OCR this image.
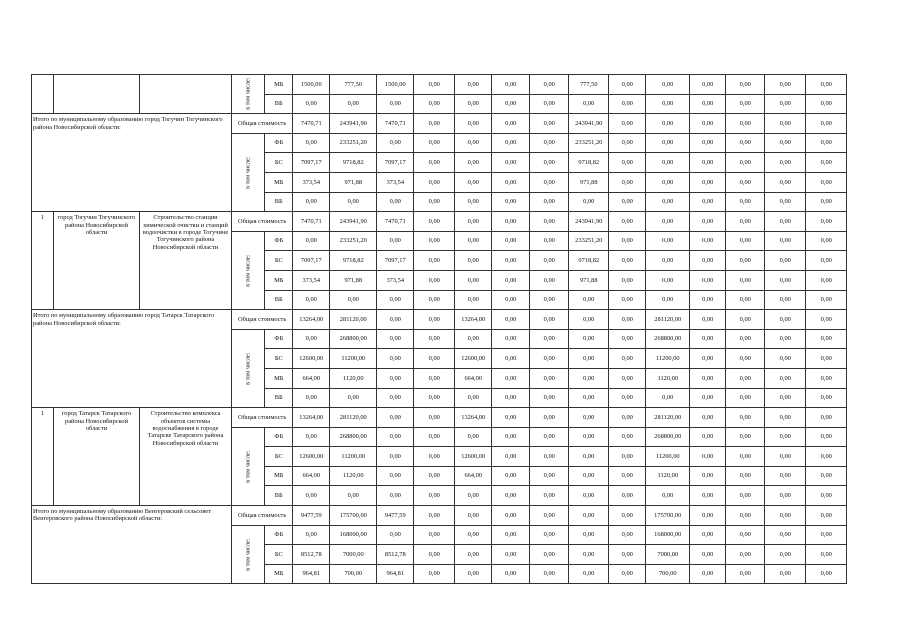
			в том числе:	МБ	1500,00	777,50	1500,00	0,00	0,00	0,00	0,00	777,50	0,00	0,00	0,00	0,00	0,00	0,00
				ВБ	0,00	0,00	0,00	0,00	0,00	0,00	0,00	0,00	0,00	0,00	0,00	0,00	0,00	0,00
Итого по муниципальному образованию город Тогучин Тогучинского района Новосибирской области:			Общая стоимость		7470,71	243941,90	7470,71	0,00	0,00	0,00	0,00	243941,90	0,00	0,00	0,00	0,00	0,00	0,00
			в том числе:	ФБ	0,00	233251,20	0,00	0,00	0,00	0,00	0,00	233251,20	0,00	0,00	0,00	0,00	0,00	0,00
				БС	7097,17	9718,82	7097,17	0,00	0,00	0,00	0,00	9718,82	0,00	0,00	0,00	0,00	0,00	0,00
				МБ	373,54	971,88	373,54	0,00	0,00	0,00	0,00	971,88	0,00	0,00	0,00	0,00	0,00	0,00
				ВБ	0,00	0,00	0,00	0,00	0,00	0,00	0,00	0,00	0,00	0,00	0,00	0,00	0,00	0,00
1	город Тогучин Тогучинского района Новосибирской области	Строительство станции химической очистки и станций водоочистки в городе Тогучине Тогучинского района Новосибирской области	Общая стоимость		7470,71	243941,90	7470,71	0,00	0,00	0,00	0,00	243941,90	0,00	0,00	0,00	0,00	0,00	0,00
			в том числе:	ФБ	0,00	233251,20	0,00	0,00	0,00	0,00	0,00	233251,20	0,00	0,00	0,00	0,00	0,00	0,00
				БС	7097,17	9718,82	7097,17	0,00	0,00	0,00	0,00	9718,82	0,00	0,00	0,00	0,00	0,00	0,00
				МБ	373,54	971,88	373,54	0,00	0,00	0,00	0,00	971,88	0,00	0,00	0,00	0,00	0,00	0,00
				ВБ	0,00	0,00	0,00	0,00	0,00	0,00	0,00	0,00	0,00	0,00	0,00	0,00	0,00	0,00
Итого по муниципальному образованию город Татарск Татарского района Новосибирской области:			Общая стоимость		13264,00	281120,00	0,00	0,00	13264,00	0,00	0,00	0,00	0,00	281120,00	0,00	0,00	0,00	0,00
			в том числе:	ФБ	0,00	268800,00	0,00	0,00	0,00	0,00	0,00	0,00	0,00	268800,00	0,00	0,00	0,00	0,00
				БС	12600,00	11200,00	0,00	0,00	12600,00	0,00	0,00	0,00	0,00	11200,00	0,00	0,00	0,00	0,00
				МБ	664,00	1120,00	0,00	0,00	664,00	0,00	0,00	0,00	0,00	1120,00	0,00	0,00	0,00	0,00
				ВБ	0,00	0,00	0,00	0,00	0,00	0,00	0,00	0,00	0,00	0,00	0,00	0,00	0,00	0,00
1	город Татарск Татарского района Новосибирской области	Строительство комплекса объектов системы водоснабжения в городе Татарске Татарского района Новосибирской области	Общая стоимость		13264,00	281120,00	0,00	0,00	13264,00	0,00	0,00	0,00	0,00	281120,00	0,00	0,00	0,00	0,00
			в том числе:	ФБ	0,00	268800,00	0,00	0,00	0,00	0,00	0,00	0,00	0,00	268800,00	0,00	0,00	0,00	0,00
				БС	12600,00	11200,00	0,00	0,00	12600,00	0,00	0,00	0,00	0,00	11200,00	0,00	0,00	0,00	0,00
				МБ	664,00	1120,00	0,00	0,00	664,00	0,00	0,00	0,00	0,00	1120,00	0,00	0,00	0,00	0,00
				ВБ	0,00	0,00	0,00	0,00	0,00	0,00	0,00	0,00	0,00	0,00	0,00	0,00	0,00	0,00
Итого по муниципальному образованию Венгеровский сельсовет Венгеровского района Новосибирской области:			Общая стоимость		9477,59	175700,00	9477,59	0,00	0,00	0,00	0,00	0,00	0,00	175700,00	0,00	0,00	0,00	0,00
			в том числе:	ФБ	0,00	168000,00	0,00	0,00	0,00	0,00	0,00	0,00	0,00	168000,00	0,00	0,00	0,00	0,00
				БС	8512,78	7000,00	8512,78	0,00	0,00	0,00	0,00	0,00	0,00	7000,00	0,00	0,00	0,00	0,00
				МБ	964,81	700,00	964,81	0,00	0,00	0,00	0,00	0,00	0,00	700,00	0,00	0,00	0,00	0,00
